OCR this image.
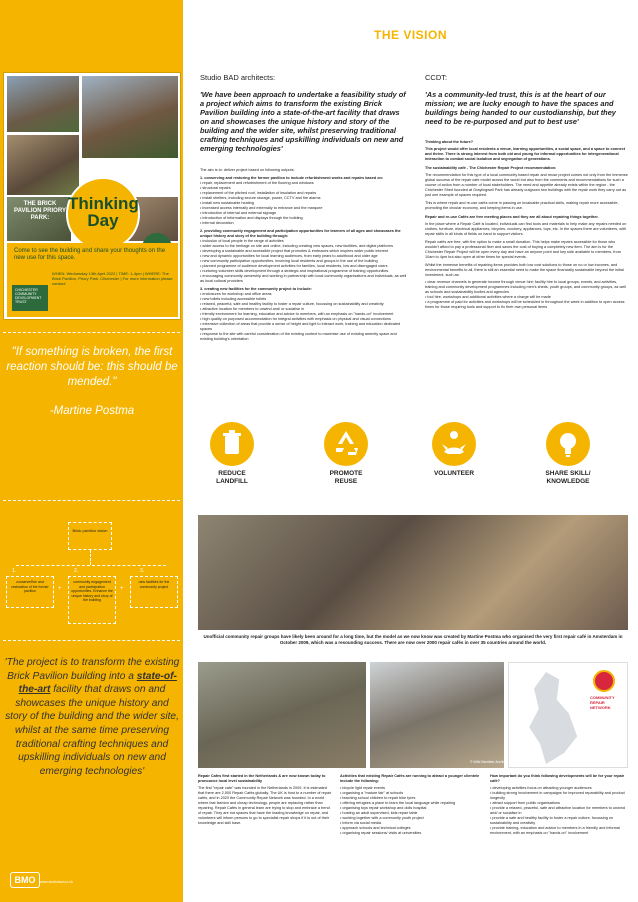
THE BRICK PAVILION PRIORY PARK:
Thinking
Day
Come to see the building and share your thoughts on the new use for this space.
WHEN: Wednesday 13th April 2022 | TIME: 1-4pm | WHERE: The Brick Pavilion, Priory Park, Chichester | For more information please contact:
CHICHESTER COMMUNITY DEVELOPMENT TRUST
"If something is broken, the first reaction should be: this should be mended."
-Martine Postma
Brick pavilion vision
1.	2.	3.
conserve/fine and restoration of the former pavilion	+
community engagement and participation opportunities. Enhance the unique history and story of the building
+
new facilities for the community project
'The project is to transform the existing Brick Pavilion building into a state-of-the-art facility that draws on and showcases the unique history and story of the building and the wider site, whilst at the same time preserving traditional crafting techniques and upskilling individuals on new and emerging technologies'
BMO	www.studiobad.co.uk
THE VISION
Studio BAD architects:
'We have been approach to undertake a feasibility study of a project which aims to transform the existing Brick Pavilion building into a state-of-the-art facility that draws on and showcases the unique history and story of the building and the wider site, whilst preserving traditional crafting techniques and upskilling individuals on new and emerging technologies'
The aim is to: deliver project based on following outputs:
1. conserving and restoring the former pavilion to include refurbishment works and repairs based on:
• repair, replacement and refurbishment of the flooring and windows
• structural repairs
• replacement of the pitched roof, installation of insulation and repairs
• install shelters, including secure storage, power, CCTV and fire alarms
• install new sustainable heating
• increased access internally and externally to entrance and the marquee
• introduction of internal and external signage
• introduction of information and displays through the building
• internal decoration
2. providing community engagement and participation opportunities for learners of all ages and showcases the unique history and story of the building through:
• inclusion of local people in the range of activities
• wider access to the heritage on site and online, including creating new spaces, new facilities, and digital platforms
• developing a sustainable and accessible project that promotes & embraces which inspires wider public interest
• new and dynamic opportunities for local learning audiences, from early years to adulthood and older age
• new community participation opportunities, involving local residents and groups in the use of the building
• planned programme of audience development activities for families, local residents, low and disengaged users
• nurturing volunteer skills development through a strategic and inspirational programme of training opportunities
• encouraging community ownership and working in partnership with local community organisations and individuals, as well as local cultural providers
3. creating new facilities for the community project to include:
• enclosures for workshop and office areas
• new toilets including accessible toilets
• relaxed, peaceful, safe and healthy facility to foster a repair culture, focussing on sustainability and creativity
• attractive location for members to unwind and/ or socialise in
• friendly environment for learning, education and advice to members, with an emphasis on "hands-on" involvement
• high quality on purposed accommodation for integral activities with emphasis on physical and visual connections
• extensive collection of areas that provide a sense of height and light to interact work, training and education dedicated spaces
• response to the site with careful consideration of the existing context to maximise use of existing amenity space and existing building's orientation
CCDT:
'As a community-led trust, this is at the heart of our mission; we are lucky enough to have the spaces and buildings being handed to our custodianship, but they need to be re-purposed and put to best use'
Thinking about the future?
This project would offer local residents a venue, learning opportunities, a social space, and a space to connect and thrive. There is strong interest from both old and young for informal opportunities for intergenerational interaction to combat social isolation and segregation of generations.
The sustainability café - The Chichester Repair Project recommendation:
The recommendation for this type of a local community based repair and reuse project comes not only from the immense global success of the repair cafe model across the world but also from the comments and recommendations for such a course of action from a number of local stakeholders. The need and appetite already exists within the region - the Chichester Shed founded at Graylingwell Park has already outgrown two buildings with the repair work they carry out as just one example of spaces required.
This is where repair and re-use cafés come in passing on invaluable practical skills, making repair more accessible, promoting the circular economy, and keeping items in use.
Repair and re-use Cafés are free meeting places and they are all about repairing things together.
In the place where a Repair Café is located, individuals can find tools and materials to help make any repairs needed on clothes, furniture, electrical appliances, bicycles, crockery, appliances, toys, etc. In the spaces there are volunteers, with repair skills in all kinds of fields on hand to support visitors.
Repair cafés are free, with the option to make a small donation. This helps make repairs accessible for those who wouldn't afford to pay a professional fixer and saves the cost of buying a completely new item. The aim is for the Chichester Repair Project will be open every day and have an anyone point and key side available to members, from 10am to 4pm but also open at other times for special events.
Whilst the immense benefits of repairing items provides both low cost solutions to those on no or low incomes, and environmental benefits to all, there is still an essential need to make the space financially sustainable beyond the initial investment, such as:
• clear revenue channels to generate income through venue hire; facility hire to local groups, events, and activities, training and community development programmes including men's sheds, youth groups, and community groups, as well as schools and sustainability bodies and agencies
• tool hire, workshops and additional activities where a charge will be made
• a programme of paid for activities and workshops will be scheduled in throughout the week in addition to open access times for those requiring tools and support to fix their own personal items
REDUCE
LANDFILL
PROMOTE
REUSE
VOLUNTEER	SHARE SKILL/
KNOWLEDGE
Unofficial community repair groups have likely been around for a long time, but the model as we now know was created by Martine Postma who organised the very first repair café in Amsterdam in October 2009, which was a resounding success. There are now over 2000 repair cafés in over 35 countries around the world.
© Wild Barrister Archive
COMMUNITY REPAIR NETWORK
Repair Cafes first started in the Netherlands & are now known today to pronounce local level sustainability
The first "repair cafe" was founded in the Netherlands in 2009. It is estimated that there are 2,500 Repair Cafés globally. The UK is host to a number of repair cafés, and in 2020 the Community Repair Network was founded. In a world where fast fashion and cheap technology, people are replacing rather than repairing. Repair Cafés in general learn are trying to stop and embrace a trend of repair. They are not spaces that have the leading knowledge on repair, and volunteers will inform persons to go to specialist repair shops if it is out of their knowledge and skill base.
Activities that existing Repair Cafés are running to attract a younger clientele include the following:
• bicycle light repair events
• organising a "mature fair" at schools
• teaching school children to repair bike tyres
• offering refugees a place to learn the local language while repairing
• organising toys repair workshop and dolls hospital
• hosting an adult supervised, kids repair table
• working together with a community youth project
• inform via social media
• approach schools and technical colleges
• organising repair sessions/ visits at universities
How important do you think following developments will be for your repair café?
• developing activities focus on attracting younger audiences
• building strong involvement in campaigns for improved reparability and product longevity
• attract support from public organisations
• provide a relaxed, peaceful, safe and attractive location for members to unwind and/ or socialise in
• provide a safe and healthy facility to foster a repair culture, focussing on sustainability and creativity
• provide training, education and advice to members in a friendly and informal environment, with an emphasis on "hands on" involvement
